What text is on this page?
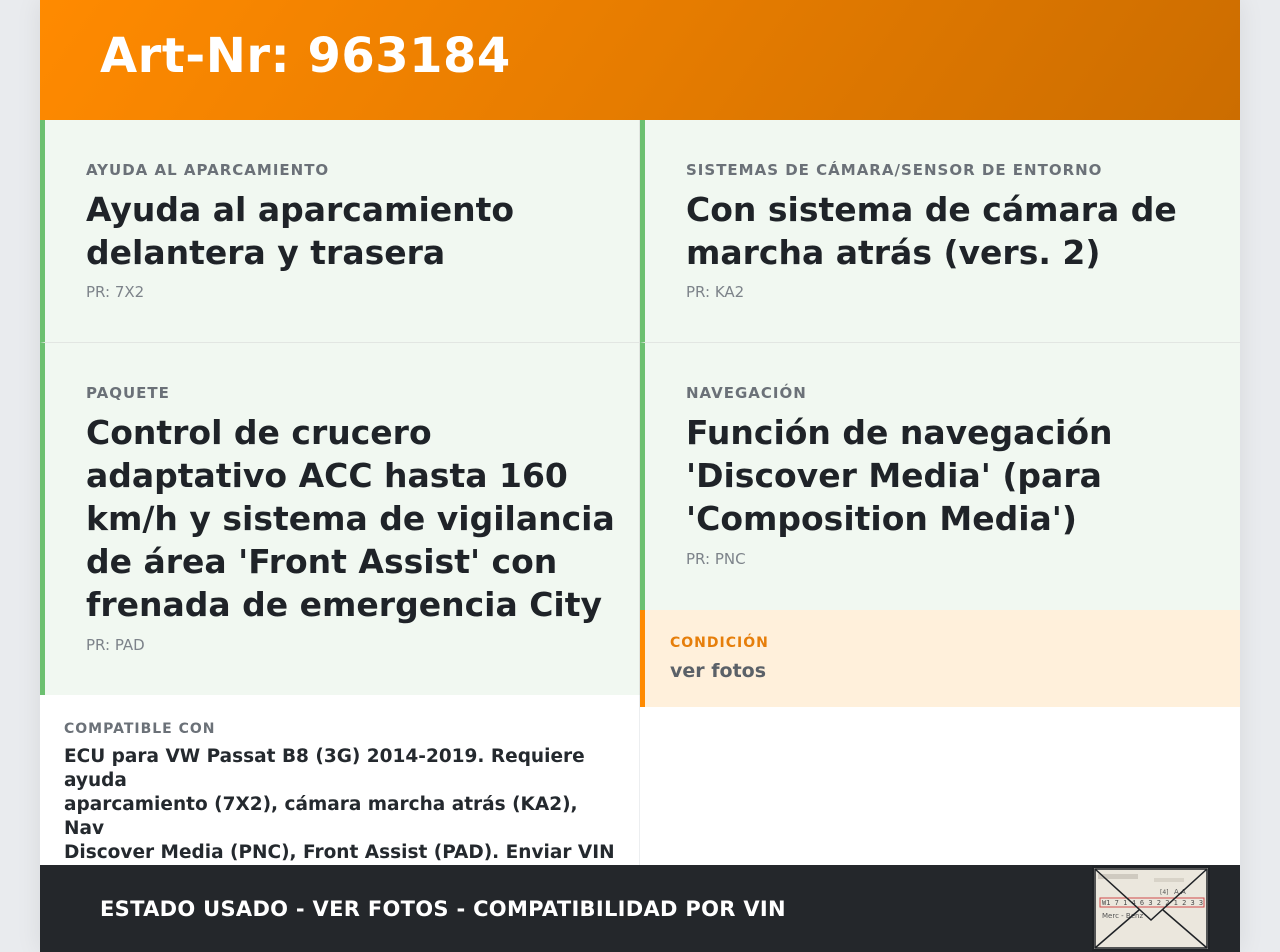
Art-Nr: 963184
AYUDA AL APARCAMIENTO
Ayuda al aparcamiento
delantera y trasera
PR: 7X2
SISTEMAS DE CÁMARA/SENSOR DE ENTORNO
Con sistema de cámara de
marcha atrás (vers. 2)
PR: KA2
PAQUETE
Control de crucero
adaptativo ACC hasta 160
km/h y sistema de vigilancia
de área 'Front Assist' con
frenada de emergencia City
PR: PAD
NAVEGACIÓN
Función de navegación
'Discover Media' (para
'Composition Media')
PR: PNC
CONDICIÓN
ver fotos
COMPATIBLE CON
ECU para VW Passat B8 (3G) 2014-2019. Requiere ayuda
aparcamiento (7X2), cámara marcha atrás (KA2), Nav
Discover Media (PNC), Front Assist (PAD). Enviar VIN
ESTADO USADO - VER FOTOS - COMPATIBILIDAD POR VIN	W1 7 1 4 6 3 2 2 1 2 3 3
Merc - Benz
A A
[4]
